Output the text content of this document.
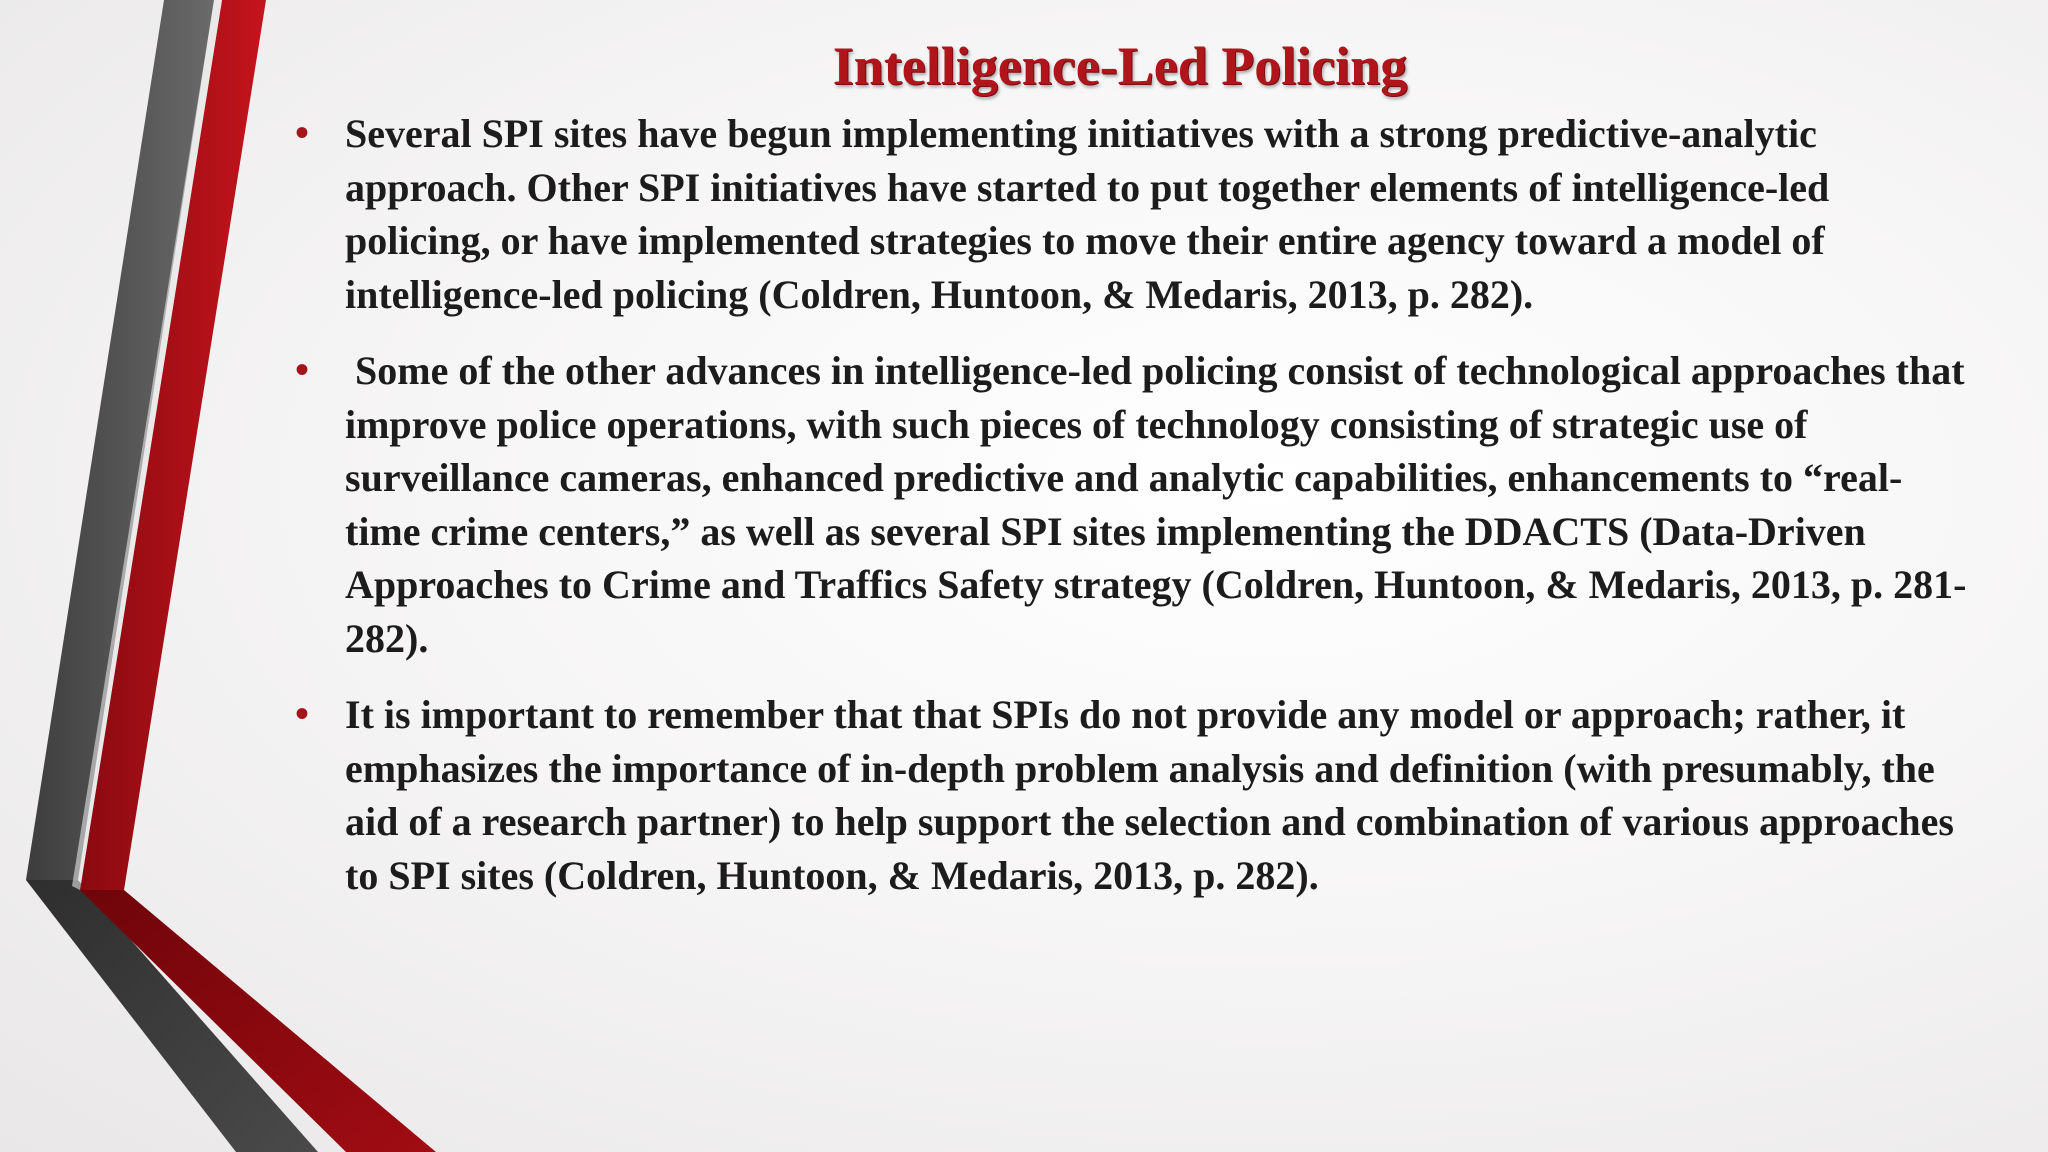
Intelligence-Led Policing
• Several SPI sites have begun implementing initiatives with a strong predictive-analytic approach. Other SPI initiatives have started to put together elements of intelligence-led policing, or have implemented strategies to move their entire agency toward a model of intelligence-led policing (Coldren, Huntoon, & Medaris, 2013, p. 282).
• Some of the other advances in intelligence-led policing consist of technological approaches that improve police operations, with such pieces of technology consisting of strategic use of surveillance cameras, enhanced predictive and analytic capabilities, enhancements to “real-time crime centers,” as well as several SPI sites implementing the DDACTS (Data-Driven Approaches to Crime and Traffics Safety strategy (Coldren, Huntoon, & Medaris, 2013, p. 281-282).
• It is important to remember that that SPIs do not provide any model or approach; rather, it emphasizes the importance of in-depth problem analysis and definition (with presumably, the aid of a research partner) to help support the selection and combination of various approaches to SPI sites (Coldren, Huntoon, & Medaris, 2013, p. 282).
